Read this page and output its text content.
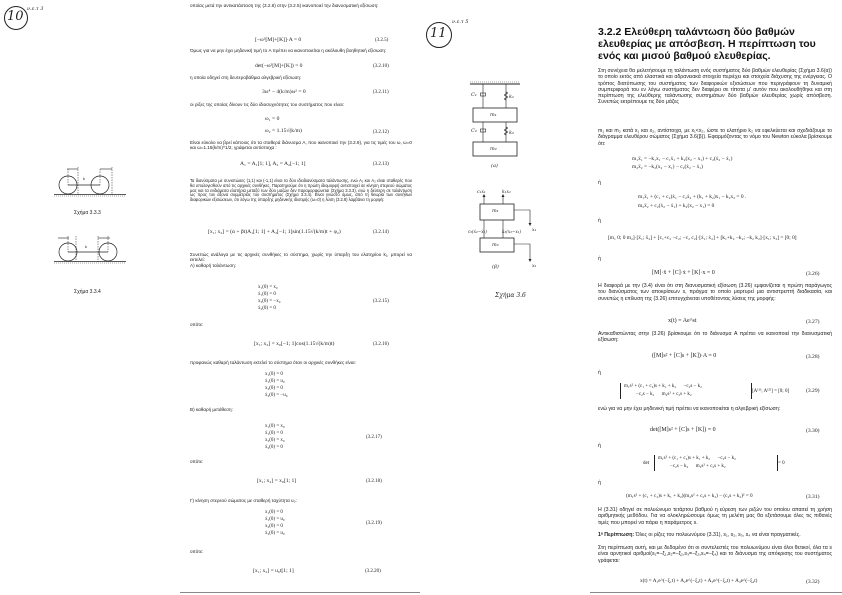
10 ν.ε.τ 3
k
Σχήμα 3.3.3
k
Σχήμα 3.3.4
οποίας μετά την αντικατάσταση της (3.2.8) στην (3.2.5) ικανοποιεί την διανυσματική εξίσωση:
[−ω²[M]+[K]]·A = 0	(3.2.5)
Όμως για να μην έχει μηδενική τιμή το A πρέπει να ικανοποιείται η ακόλουθη βοηθητική εξίσωση:
det(−ω²[M]+[K]) = 0	(3.2.10)
η οποία οδηγεί στη δευτεροβάθμια αλγεβρική εξίσωση:
3ω⁴ − 4(k/m)ω² = 0	(3.2.11)
οι ρίζες της οποίας δίνουν τις δύο ιδιοσυχνότητες του συστήματος που είναι:
ω₁ = 0
ω₂ = 1.15√(k/m)	(3.2.12)
Είναι εύκολο να βρεί κάποιος ότι τα σταθερά διάνυσμα A, που ικανοποιεί την (3.2.9), για τις τιμές του ω, ω=0 και ω=1.15(k/m)^1/2, γράφεται αντίστοιχα :
A₁ = A₁[1; 1], A₂ = A₂[−1; 1]	(3.2.13)
Τα διανύσματα με συνιστώσες (1,1) και (-1,1) είναι τα δύο ιδιοδιανύσματα ταλάντωσης, ενώ A₁ και A₂ είναι σταθερές που θα υπολογισθούν από τις αρχικές συνθήκες. Παρατηρούμε ότι η πρώτη ιδιομορφή αντιστοιχεί σε κίνηση στερεού σώματος μας και τα ενδιάμεσα ελατήρια μεταξύ των δύο μαζών δεν παραμορφώνεται (Σχήμα 3.3.3), ενώ η δεύτερη σε ταλάντωση ως προς τον άξονα συμμετρίας του συστήματος (Σχήμα 3.3.4). Είναι γνωστό όμως, από τη θεωρία των συνήθων διαφορικών εξισώσεων, ότι λόγω της ύπαρξης μηδενικής ιδιοτιμής (ω=0) η λύση (3.2.8) λαμβάνει τη μορφή:
[x₁; x₂] = (α + βt)A₁[1; 1] + A₂[−1; 1]sin(1.15√(k/m)t + φ₂)	(3.2.14)
Συνεπώς ανάλογα με τις αρχικές συνθήκες το σύστημα, χωρίς την ύπαρξη του ελατηρίου k₁, μπορεί να εκτελεί:
Α) καθαρή ταλάντωση:
x₁(0) = x₀
ẋ₁(0) = 0
x₂(0) = −x₀
ẋ₂(0) = 0
(3.2.15)
οπότε:
[x₁; x₂] = x₀[−1; 1]cos(1.15√(k/m)t)	(3.2.16)
προφανώς καθαρή ταλάντωση εκτελεί το σύστημα όταν οι αρχικές συνθήκες είναι:
x₁(0) = 0
ẋ₁(0) = u₀
x₂(0) = 0
ẋ₂(0) = −u₀
Β) καθαρή μετάθεση:
x₁(0) = x₀
ẋ₁(0) = 0
x₂(0) = x₀
ẋ₂(0) = 0
(3.2.17)
οπότε:
[x₁; x₂] = x₀[1; 1]	(3.2.18)
Γ) κίνηση στερεού σώματος με σταθερή ταχύτητα u₀:
x₁(0) = 0
ẋ₁(0) = u₀
x₂(0) = 0
ẋ₂(0) = u₀
(3.2.19)
οπότε:
[x₁; x₂] = u₀t[1; 1]	(3.2.20)
11
ν.ε.τ 5
C₁	k₁
m₁
C₂	k₂
m₂
(a)
c₁ẋ₁	k₁x₁
m₁
c₂(ẋ₂−ẋ₁)	k₂(x₂−x₁)
m₂
x₁
x₂
(β)
Σχήμα 3.6
3.2.2 Ελεύθερη ταλάντωση δύο βαθμών ελευθερίας με απόσβεση. Η περίπτωση του ενός και μισού βαθμού ελευθερίας.
Στη συνέχεια θα μελετήσουμε τη ταλάντωση ενός συστήματος δύο βαθμών ελευθερίας (Σχήμα 3.6(α)) το οποίο εκτός από ελαστικά και αδρανειακά στοιχεία περιέχει και στοιχεία διάχυσης της ενέργειας. Ο τρόπος διατύπωσης του συστήματος των διαφορικών εξισώσεων που περιγράφουν τη δυναμική συμπεριφορά του εν λόγω συστήματος δεν διαφέρει σε τίποτα μ' αυτόν που ακολουθήθηκε και στη περίπτωση της ελεύθερης ταλάντωσης συστημάτων δύο βαθμών ελευθερίας χωρίς απόσβεση. Συνεπώς εκτρέπουμε τις δύο μάζες
m₁ και m₂ κατά x₁ και x₂, αντίστοιχα, με x₁<x₂, ώστε το ελατήριο k₂ να εφελκύεται και σχεδιάζουμε το διάγραμμα ελευθέρου σώματος (Σχήμα 3.6(β)). Εφαρμόζοντας το νόμο του Newton εύκολα βρίσκουμε ότι:
m₁ẍ₁ = −k₁x₁ − c₁ẋ₁ + k₂(x₂ − x₁) + c₂(ẋ₂ − ẋ₁)
m₂ẍ₂ = −k₂(x₂ − x₁) − c₂(ẋ₂ − ẋ₁)
ή
m₁ẍ₁ + (c₁ + c₂)ẋ₁ − c₂ẋ₂ + (k₁ + k₂)x₁ − k₂x₂ = 0 .
m₂ẍ₂ + c₂(ẋ₂ − ẋ₁) + k₂(x₂ − x₁) = 0
ή
[m₁ 0; 0 m₂]·[ẍ₁; ẍ₂] + [c₁+c₂ −c₂; −c₂ c₂]·[ẋ₁; ẋ₂] + [k₁+k₂ −k₂; −k₂ k₂]·[x₁; x₂] = [0; 0]
ή
[M]·ẍ + [C]·ẋ + [K]·x = 0	(3.26)
Η διαφορά με την (3.4) είναι ότι στη διανυσματική εξίσωση (3.26) εμφανίζεται η πρώτη παράγωγος του διανύσματος των αποκρίσεων x, πράγμα το οποίο μαρτυρεί μια αντιστρεπτή διαδικασία, και συνεπώς η επίλυση της (3.26) επιτυγχάνεται υποθέτοντας λύσεις της μορφής:
x(t) = Ae^st	(3.27)
Αντικαθιστώντας στην (3.26) βρίσκουμε ότι το διάνυσμα A πρέπει να ικανοποιεί την διανυσματική εξίσωση:
([M]s² + [C]s + [K])·A = 0	(3.28)
ή
m₁s² + (c₁ + c₂)s + k₁ + k₂      −c₂s − k₂
−c₂s − k₂      m₂s² + c₂s + k₂
[A⁽¹⁾; A⁽²⁾] = [0; 0]	(3.29)
ενώ για να μην έχει μηδενική τιμή πρέπει να ικανοποιείται η αλγεβρική εξίσωση:
det([M]s² + [C]s + [K]) = 0	(3.30)
ή
det
m₁s² + (c₁ + c₂)s + k₁ + k₂      −c₂s − k₂
−c₂s − k₂      m₂s² + c₂s + k₂
= 0
ή
(m₁s² + (c₁ + c₂)s + k₁ + k₂)(m₂s² + c₂s + k₂) − (c₂s + k₂)² = 0	(3.31)
Η (3.31) οδηγεί σε πολυώνυμο τετάρτου βαθμού η εύρεση των ριζών του οποίου απαιτεί τη χρήση αριθμητικής μεθόδου. Για να ολοκληρώσουμε όμως τη μελέτη μας θα εξετάσουμε όλες τις πιθανές τιμές που μπορεί να πάρει η παράμετρος s.
1ᵃ Περίπτωση: Όλες οι ρίζες του πολυωνύμου (3.31), s₁, s₂, s₃, s₄ να είναι πραγματικές.
Στη περίπτωση αυτή, και με δεδομένο ότι οι συντελεστές του πολυωνύμου είναι όλοι θετικοί, όλα τα s είναι αρνητικοί αριθμοί(s₁=−ξ₁,s₂=−ξ₂,s₃=−ξ₃,s₄=−ξ₄) και το διάνυσμα της απόκρισης του συστήματος γράφεται:
x(t) = A₁e^(−ξ₁t) + A₂e^(−ξ₂t) + A₃e^(−ξ₃t) + A₄e^(−ξ₄t)	(3.32)
